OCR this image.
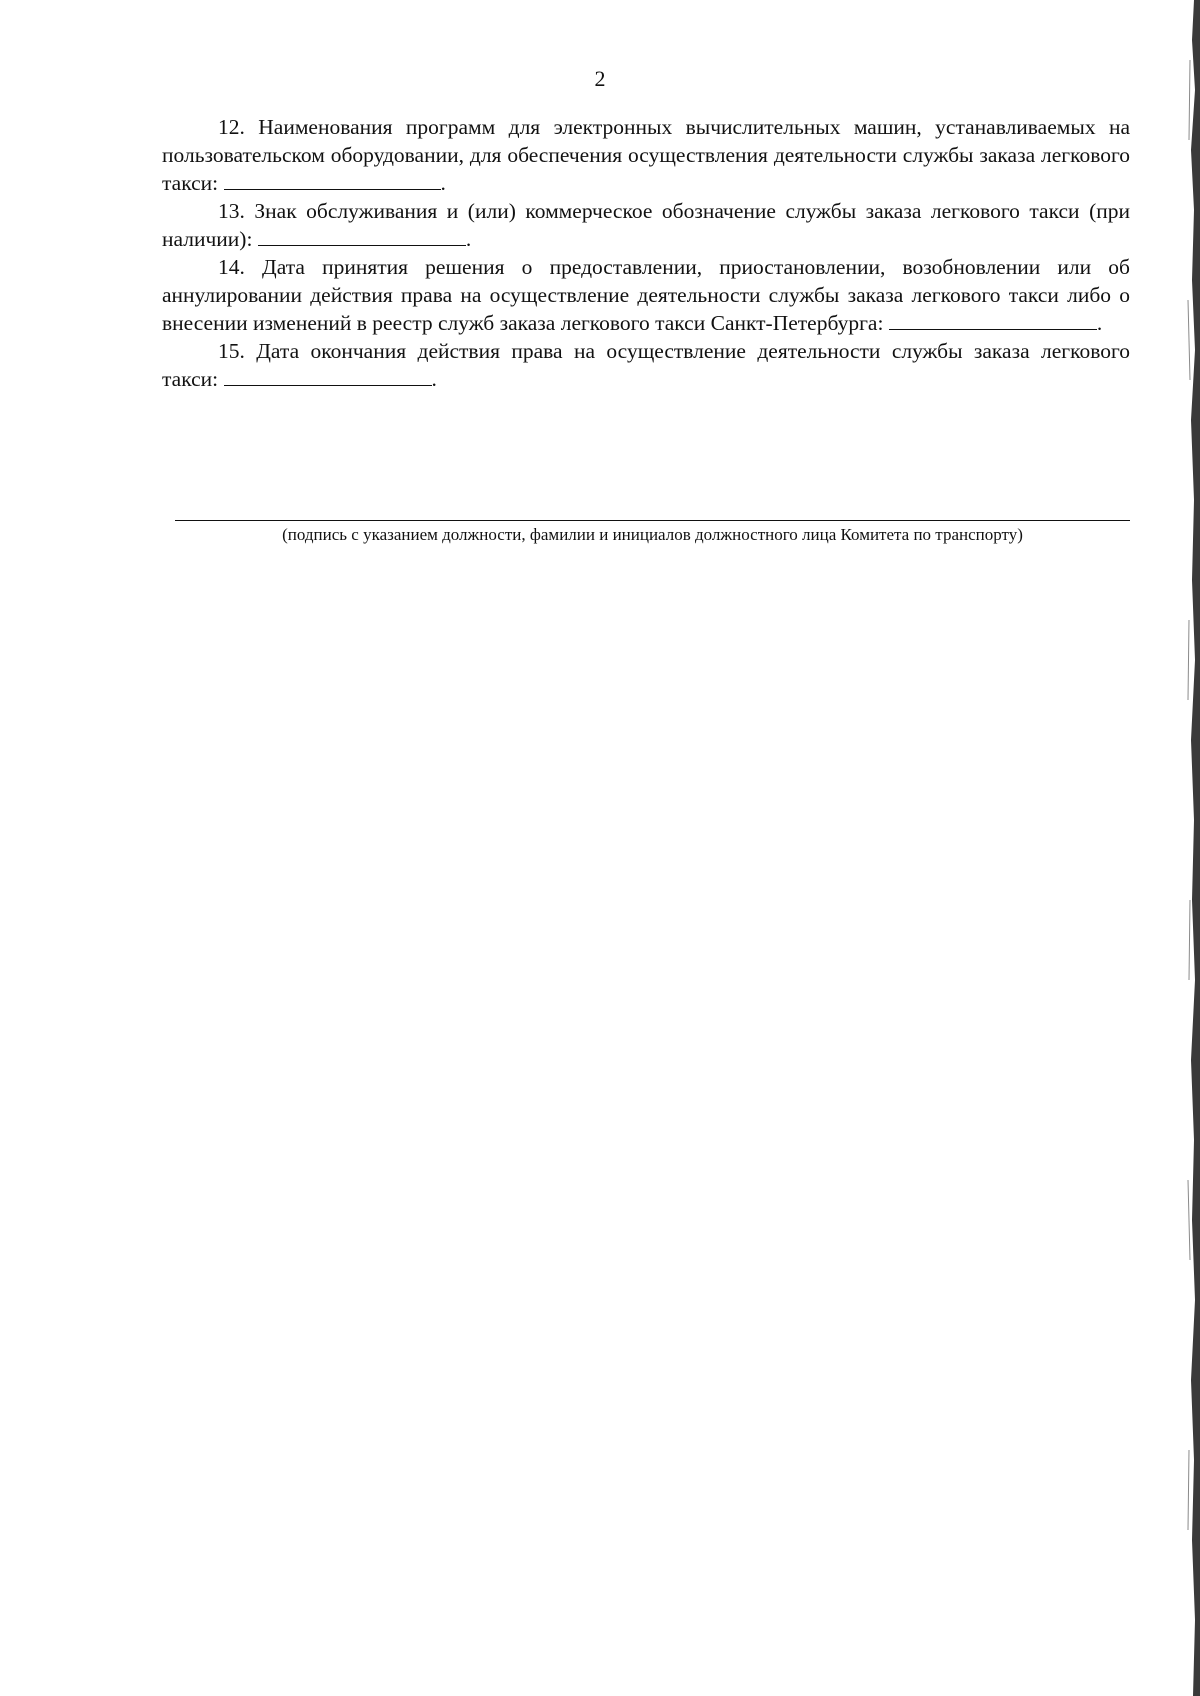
2

12. Наименования программ для электронных вычислительных машин, устанавливаемых на пользовательском оборудовании, для обеспечения осуществления деятельности службы заказа легкового такси:	.

13. Знак обслуживания и (или) коммерческое обозначение службы заказа легкового такси (при наличии):	.

14. Дата принятия решения о предоставлении, приостановлении, возобновлении или об аннулировании действия права на осуществление деятельности службы заказа легкового такси либо о внесении изменений в реестр служб заказа легкового такси Санкт-Петербурга:	.

15. Дата окончания действия права на осуществление деятельности службы заказа легкового такси:	.

(подпись с указанием должности, фамилии и инициалов должностного лица Комитета по транспорту)
